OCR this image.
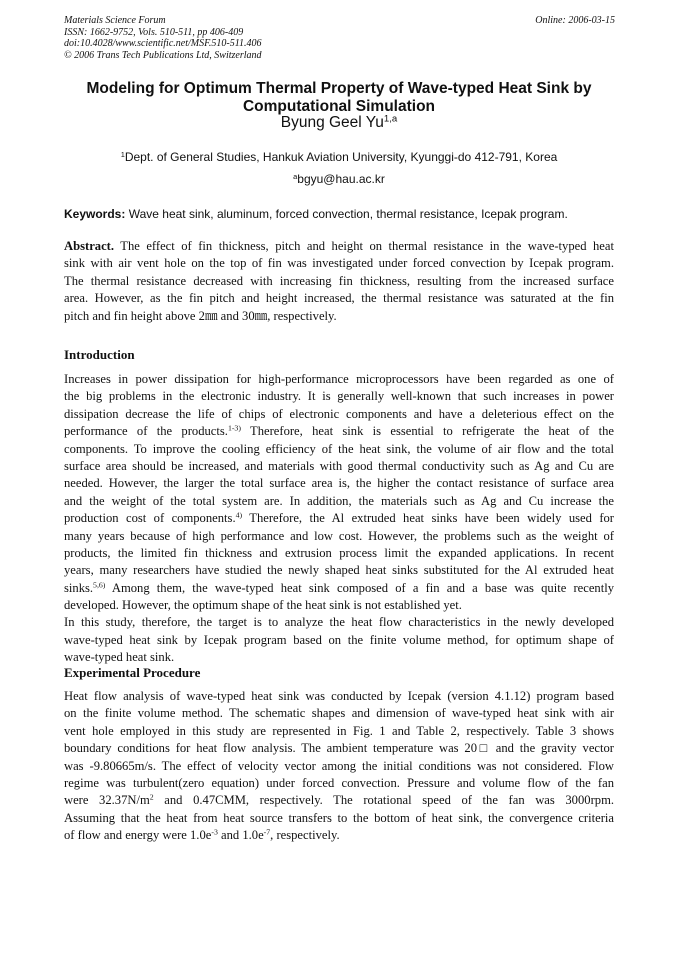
Materials Science Forum
ISSN: 1662-9752, Vols. 510-511, pp 406-409
doi:10.4028/www.scientific.net/MSF.510-511.406
© 2006 Trans Tech Publications Ltd, Switzerland
Online: 2006-03-15
Modeling for Optimum Thermal Property of Wave-typed Heat Sink by
Computational Simulation
Byung Geel Yu$^{1,a}$
$^1$Dept. of General Studies, Hankuk Aviation University, Kyunggi-do 412-791, Korea
$^a$bgyu@hau.ac.kr
Keywords: Wave heat sink, aluminum, forced convection, thermal resistance, Icepak program.
Abstract. The effect of fin thickness, pitch and height on thermal resistance in the wave-typed heat
sink with air vent hole on the top of fin was investigated under forced convection by Icepak program.
The thermal resistance decreased with increasing fin thickness, resulting from the increased surface
area. However, as the fin pitch and height increased, the thermal resistance was saturated at the fin
pitch and fin height above 2㎜ and 30㎜, respectively.
Introduction
Increases in power dissipation for high-performance microprocessors have been regarded as one of
the big problems in the electronic industry. It is generally well-known that such increases in power
dissipation decrease the life of chips of electronic components and have a deleterious effect on the
performance of the products.$^{1-3)}$ Therefore, heat sink is essential to refrigerate the heat of the
components. To improve the cooling efficiency of the heat sink, the volume of air flow and the total
surface area should be increased, and materials with good thermal conductivity such as Ag and Cu are
needed. However, the larger the total surface area is, the higher the contact resistance of surface area
and the weight of the total system are. In addition, the materials such as Ag and Cu increase the
production cost of components.$^{4)}$ Therefore, the Al extruded heat sinks have been widely used for
many years because of high performance and low cost. However, the problems such as the weight of
products, the limited fin thickness and extrusion process limit the expanded applications. In recent
years, many researchers have studied the newly shaped heat sinks substituted for the Al extruded heat
sinks.$^{5,6)}$ Among them, the wave-typed heat sink composed of a fin and a base was quite recently
developed. However, the optimum shape of the heat sink is not established yet.
In this study, therefore, the target is to analyze the heat flow characteristics in the newly developed
wave-typed heat sink by Icepak program based on the finite volume method, for optimum shape of
wave-typed heat sink.
Experimental Procedure
Heat flow analysis of wave-typed heat sink was conducted by Icepak (version 4.1.12) program based
on the finite volume method. The schematic shapes and dimension of wave-typed heat sink with air
vent hole employed in this study are represented in Fig. 1 and Table 2, respectively. Table 3 shows
boundary conditions for heat flow analysis. The ambient temperature was 20□ and the gravity vector
was -9.80665m/s. The effect of velocity vector among the initial conditions was not considered. Flow
regime was turbulent(zero equation) under forced convection. Pressure and volume flow of the fan
were $32.37N/m^2$ and 0.47CMM, respectively. The rotational speed of the fan was 3000rpm.
Assuming that the heat from heat source transfers to the bottom of heat sink, the convergence criteria
of flow and energy were $1.0e^{-3}$ and $1.0e^{-7}$, respectively.
